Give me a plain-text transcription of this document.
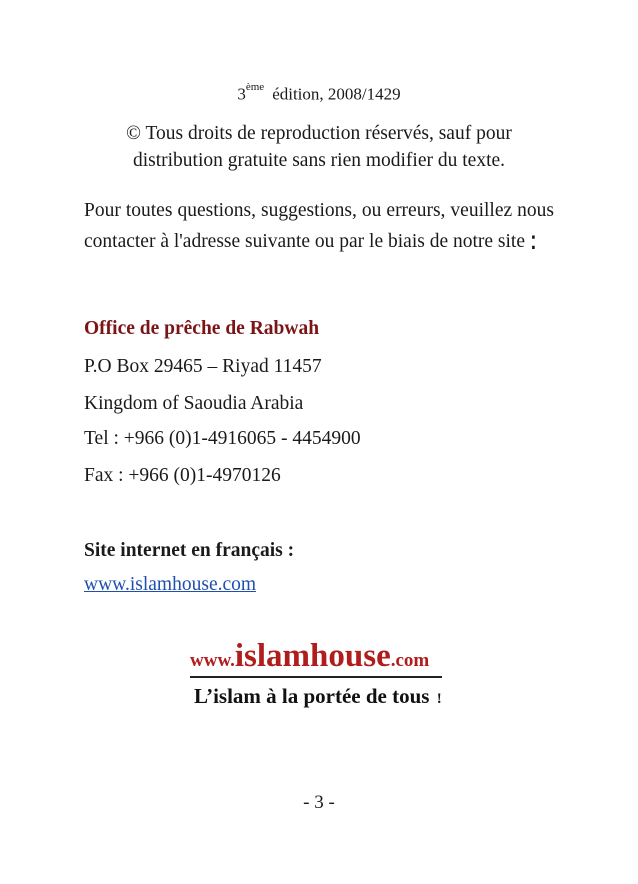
3ème édition, 2008/1429
© Tous droits de reproduction réservés, sauf pour distribution gratuite sans rien modifier du texte.
Pour toutes questions, suggestions, ou erreurs, veuillez nous contacter à l'adresse suivante ou par le biais de notre site :
Office de prêche de Rabwah
P.O Box 29465 – Riyad 11457
Kingdom of Saoudia Arabia
Tel : +966 (0)1-4916065 - 4454900
Fax : +966 (0)1-4970126
Site internet en français :
www.islamhouse.com
www.islamhouse.com
L’islam à la portée de tous !
- 3 -
